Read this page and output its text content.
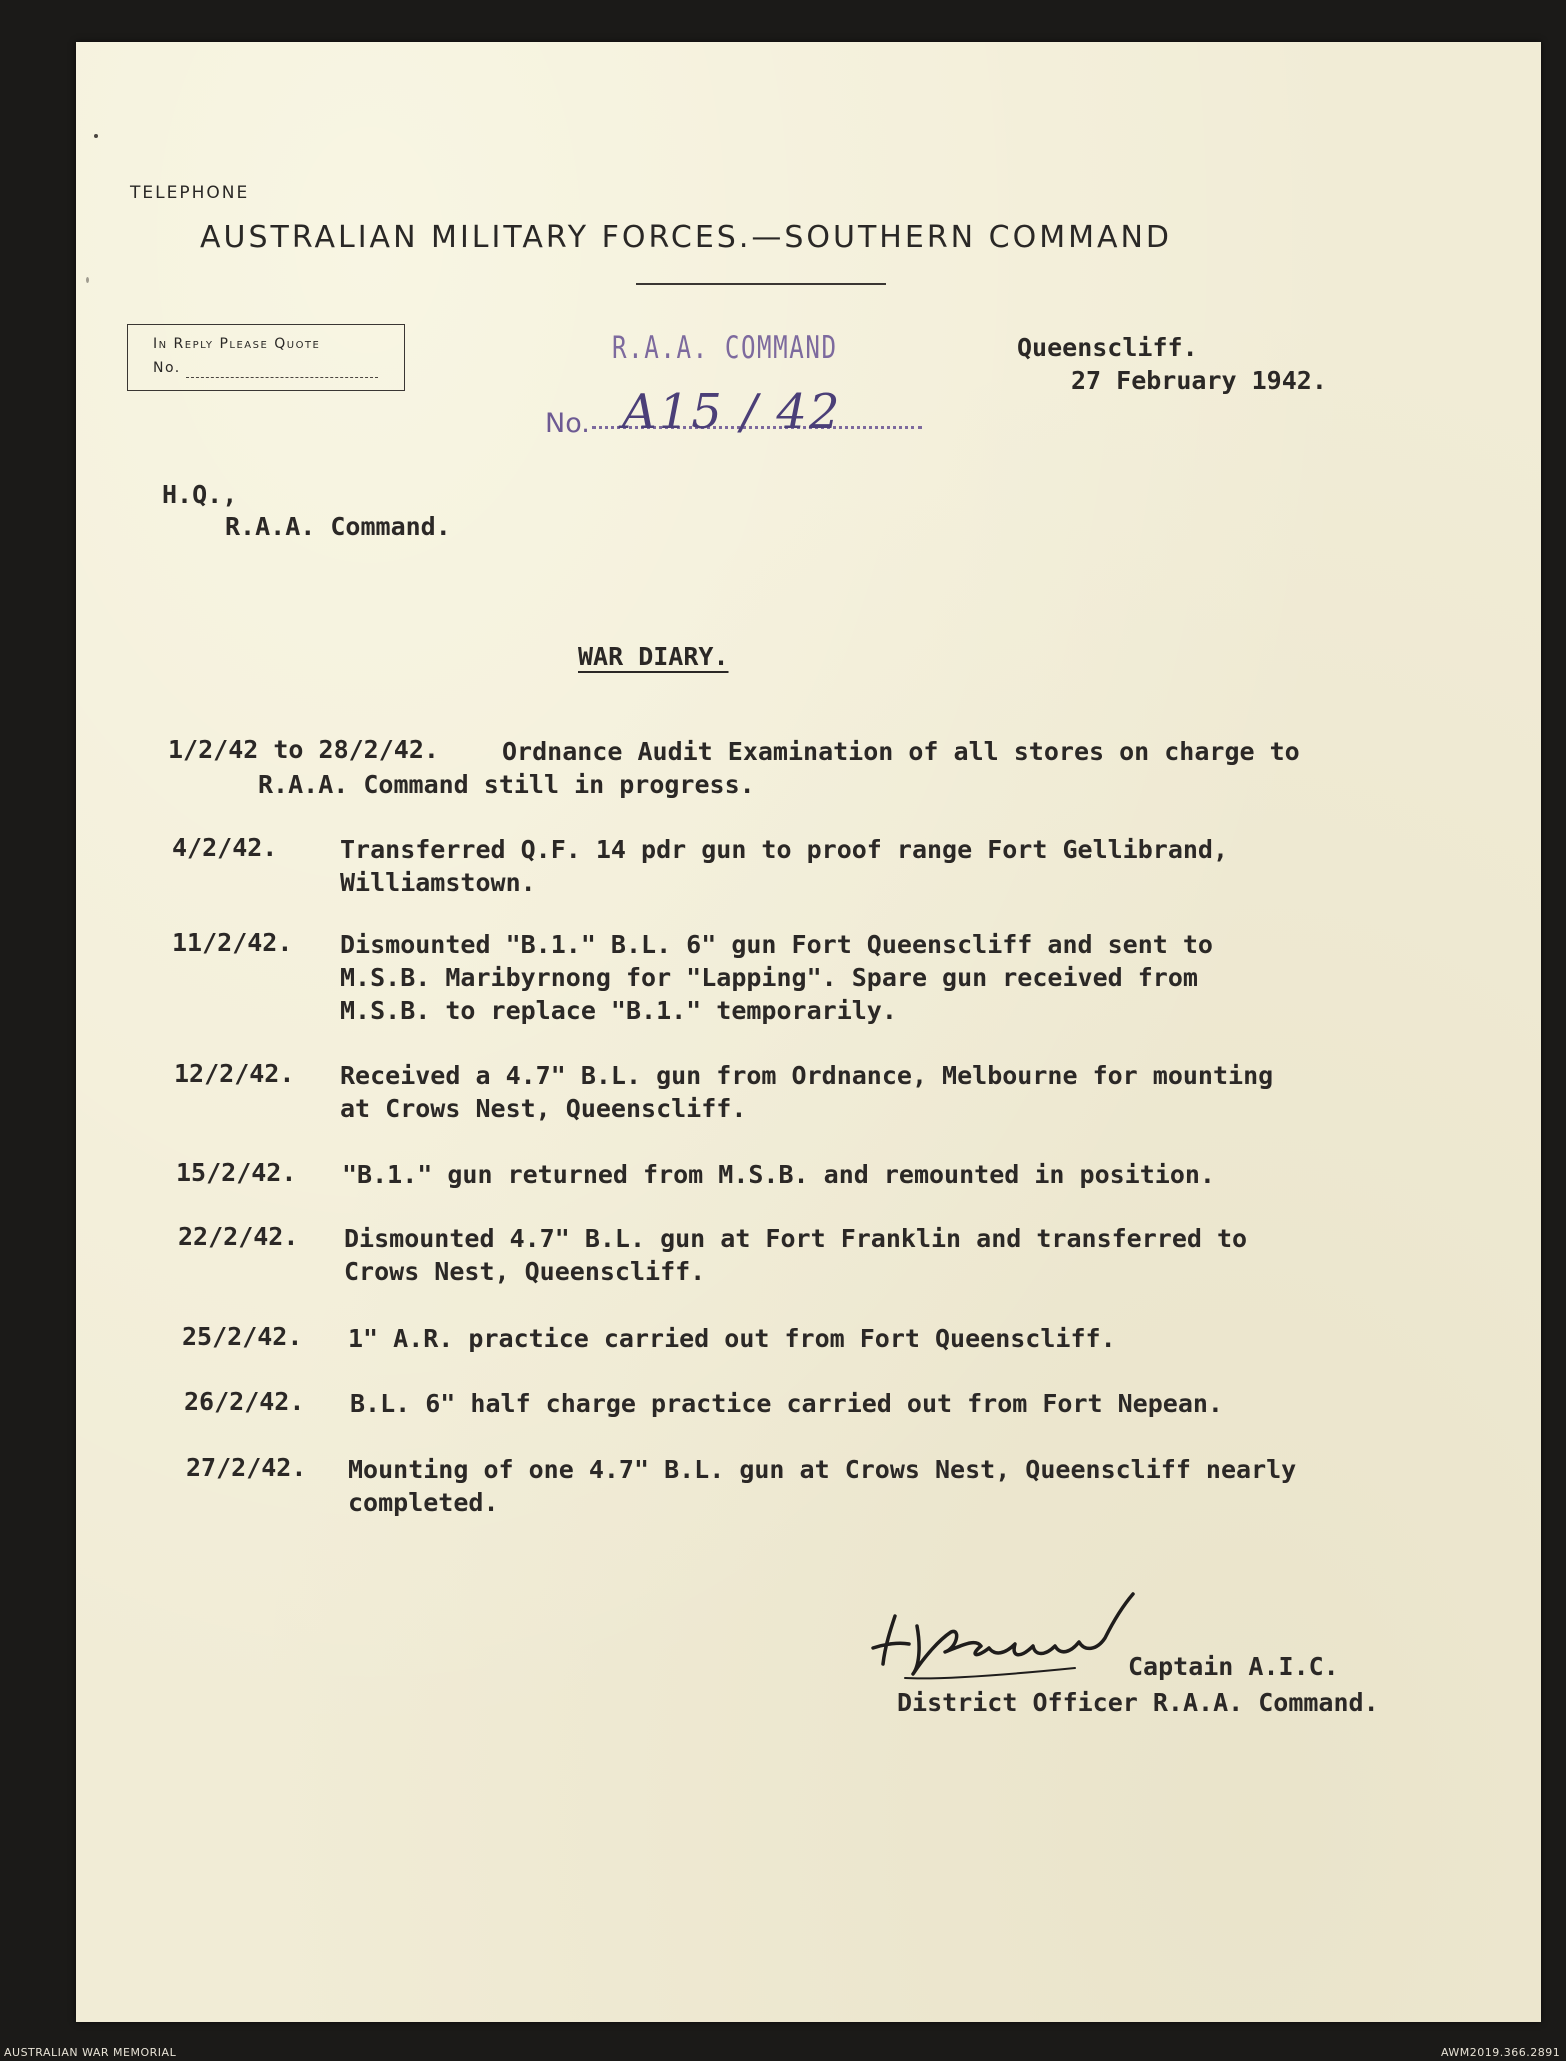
TELEPHONE
AUSTRALIAN MILITARY FORCES.—SOUTHERN COMMAND
In Reply Please Quote
No.
R.A.A. COMMAND
No. A15 / 42
Queenscliff.
27 February 1942.
H.Q.,
R.A.A. Command.
WAR DIARY.
1/2/42 to 28/2/42.	Ordnance Audit Examination of all stores on charge to
R.A.A. Command still in progress.
4/2/42.	Transferred Q.F. 14 pdr gun to proof range Fort Gellibrand,
Williamstown.
11/2/42. Dismounted "B.1." B.L. 6" gun Fort Queenscliff and sent to
M.S.B. Maribyrnong for "Lapping". Spare gun received from
M.S.B. to replace "B.1." temporarily.
12/2/42. Received a 4.7" B.L. gun from Ordnance, Melbourne for mounting
at Crows Nest, Queenscliff.
15/2/42. "B.1." gun returned from M.S.B. and remounted in position.
22/2/42. Dismounted 4.7" B.L. gun at Fort Franklin and transferred to
Crows Nest, Queenscliff.
25/2/42. 1" A.R. practice carried out from Fort Queenscliff.
26/2/42. B.L. 6" half charge practice carried out from Fort Nepean.
27/2/42. Mounting of one 4.7" B.L. gun at Crows Nest, Queenscliff nearly
completed.
Captain A.I.C.
District Officer R.A.A. Command.
AUSTRALIAN WAR MEMORIAL	AWM2019.366.2891
